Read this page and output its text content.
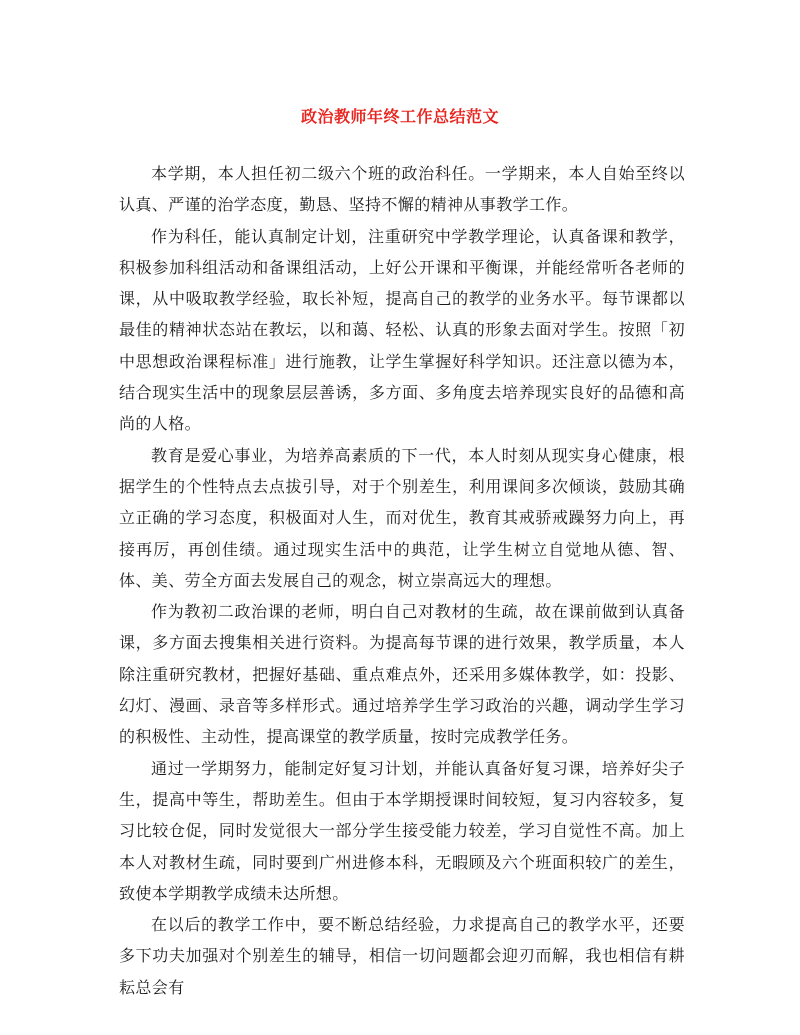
政治教师年终工作总结范文

本学期，本人担任初二级六个班的政治科任。一学期来，本人自始至终以认真、严谨的治学态度，勤恳、坚持不懈的精神从事教学工作。

作为科任，能认真制定计划，注重研究中学教学理论，认真备课和教学，积极参加科组活动和备课组活动，上好公开课和平衡课，并能经常听各老师的课，从中吸取教学经验，取长补短，提高自己的教学的业务水平。每节课都以最佳的精神状态站在教坛，以和蔼、轻松、认真的形象去面对学生。按照「初中思想政治课程标准」进行施教，让学生掌握好科学知识。还注意以德为本，结合现实生活中的现象层层善诱，多方面、多角度去培养现实良好的品德和高尚的人格。

教育是爱心事业，为培养高素质的下一代，本人时刻从现实身心健康，根据学生的个性特点去点拔引导，对于个别差生，利用课间多次倾谈，鼓励其确立正确的学习态度，积极面对人生，而对优生，教育其戒骄戒躁努力向上，再接再厉，再创佳绩。通过现实生活中的典范，让学生树立自觉地从德、智、体、美、劳全方面去发展自己的观念，树立崇高远大的理想。

作为教初二政治课的老师，明白自己对教材的生疏，故在课前做到认真备课，多方面去搜集相关进行资料。为提高每节课的进行效果，教学质量，本人除注重研究教材，把握好基础、重点难点外，还采用多媒体教学，如：投影、幻灯、漫画、录音等多样形式。通过培养学生学习政治的兴趣，调动学生学习的积极性、主动性，提高课堂的教学质量，按时完成教学任务。

通过一学期努力，能制定好复习计划，并能认真备好复习课，培养好尖子生，提高中等生，帮助差生。但由于本学期授课时间较短，复习内容较多，复习比较仓促，同时发觉很大一部分学生接受能力较差，学习自觉性不高。加上本人对教材生疏，同时要到广州进修本科，无暇顾及六个班面积较广的差生，致使本学期教学成绩未达所想。

在以后的教学工作中，要不断总结经验，力求提高自己的教学水平，还要多下功夫加强对个别差生的辅导，相信一切问题都会迎刃而解，我也相信有耕耘总会有
